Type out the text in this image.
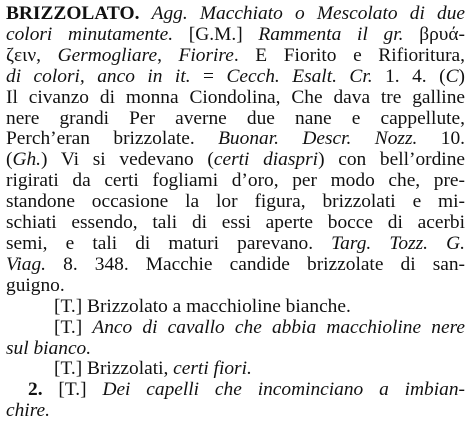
BRIZZOLATO. Agg. Macchiato o Mescolato di due
colori minutamente. [G.M.] Rammenta il gr. βρυά-
ζειν, Germogliare, Fiorire. E Fiorito e Rifioritura,
di colori, anco in it. = Cecch. Esalt. Cr. 1. 4. (C)
Il civanzo di monna Ciondolina, Che dava tre galline
nere grandi Per averne due nane e cappellute,
Perch’eran brizzolate. Buonar. Descr. Nozz. 10.
(Gh.) Vi si vedevano (certi diaspri) con bell’ordine
rigirati da certi fogliami d’oro, per modo che, pre-
standone occasione la lor figura, brizzolati e mi-
schiati essendo, tali di essi aperte bocce di acerbi
semi, e tali di maturi parevano. Targ. Tozz. G.
Viag. 8. 348. Macchie candide brizzolate di san-
guigno.
[T.] Brizzolato a macchioline bianche.
[T.] Anco di cavallo che abbia macchioline nere
sul bianco.
[T.] Brizzolati, certi fiori.
2. [T.] Dei capelli che incominciano a imbian-
chire.
